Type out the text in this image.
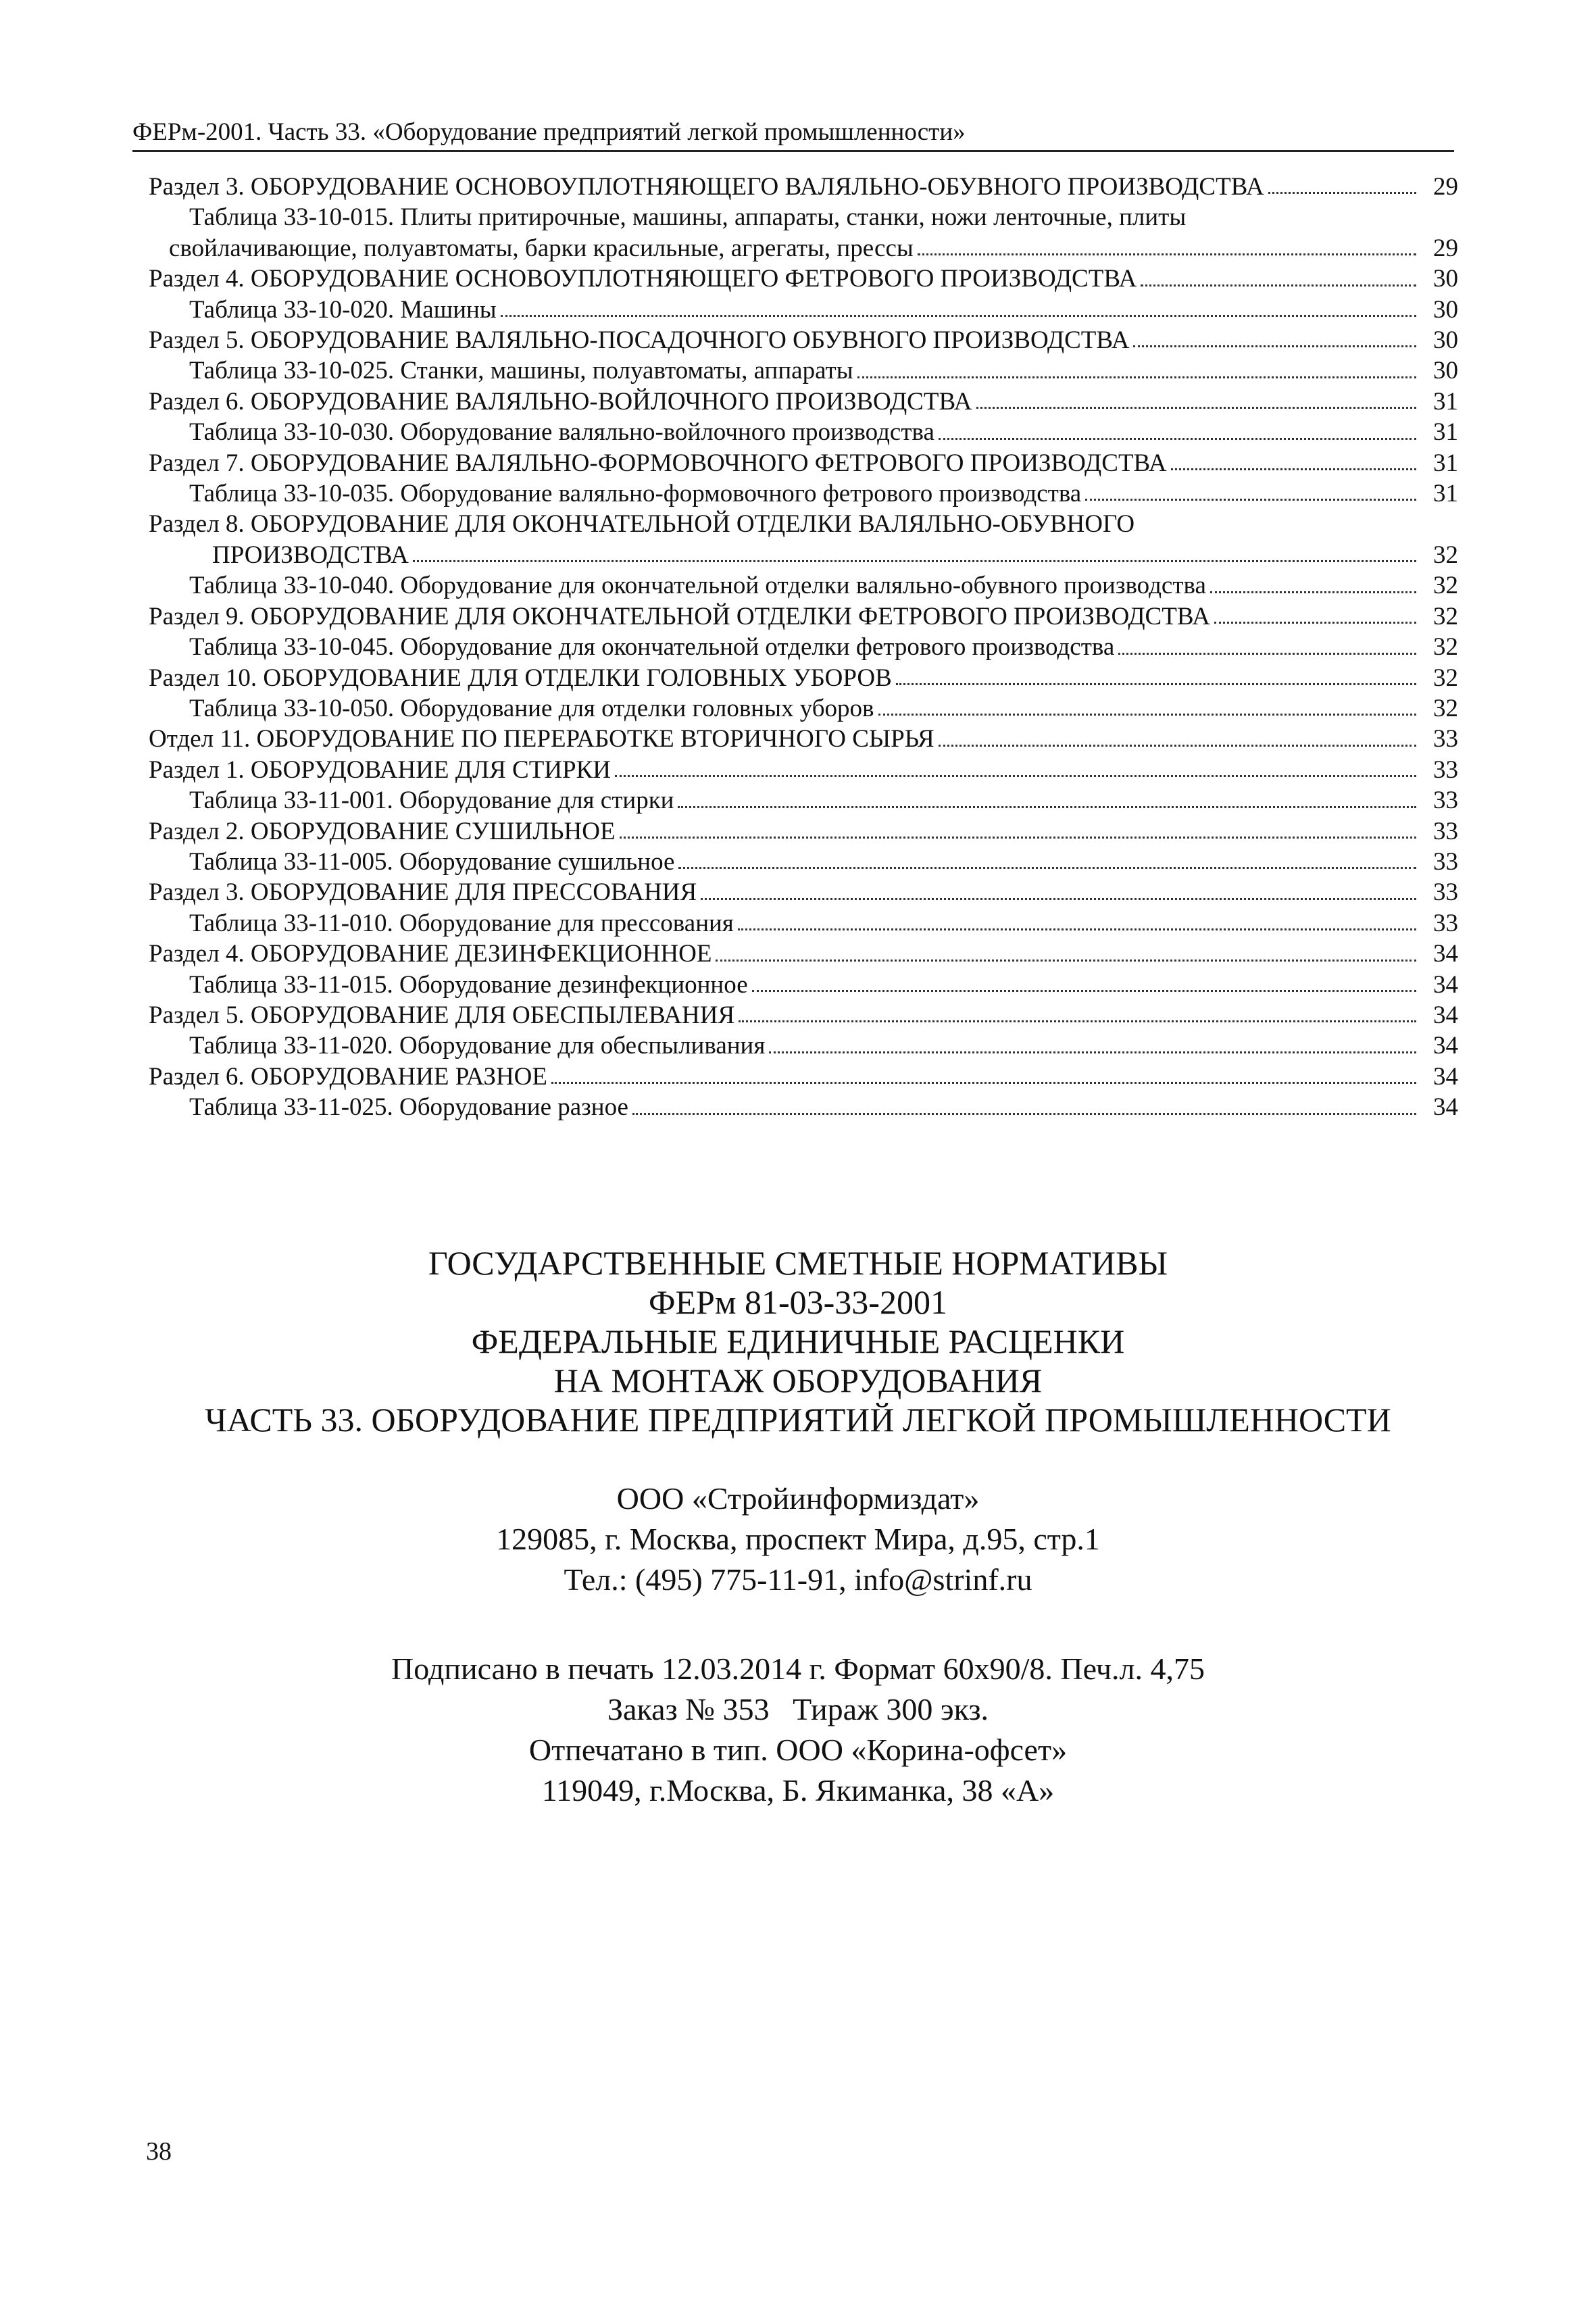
ФЕРм-2001. Часть 33. «Оборудование предприятий легкой промышленности»
Раздел 3. ОБОРУДОВАНИЕ ОСНОВОУПЛОТНЯЮЩЕГО ВАЛЯЛЬНО-ОБУВНОГО ПРОИЗВОДСТВА	29
Таблица 33-10-015. Плиты притирочные, машины, аппараты, станки, ножи ленточные, плиты
свойлачивающие, полуавтоматы, барки красильные, агрегаты, прессы	29
Раздел 4. ОБОРУДОВАНИЕ ОСНОВОУПЛОТНЯЮЩЕГО ФЕТРОВОГО ПРОИЗВОДСТВА	30
Таблица 33-10-020. Машины	30
Раздел 5. ОБОРУДОВАНИЕ ВАЛЯЛЬНО-ПОСАДОЧНОГО ОБУВНОГО ПРОИЗВОДСТВА	30
Таблица 33-10-025. Станки, машины, полуавтоматы, аппараты	30
Раздел 6. ОБОРУДОВАНИЕ ВАЛЯЛЬНО-ВОЙЛОЧНОГО ПРОИЗВОДСТВА	31
Таблица 33-10-030. Оборудование валяльно-войлочного производства	31
Раздел 7. ОБОРУДОВАНИЕ ВАЛЯЛЬНО-ФОРМОВОЧНОГО ФЕТРОВОГО ПРОИЗВОДСТВА	31
Таблица 33-10-035. Оборудование валяльно-формовочного фетрового производства	31
Раздел 8. ОБОРУДОВАНИЕ ДЛЯ ОКОНЧАТЕЛЬНОЙ ОТДЕЛКИ ВАЛЯЛЬНО-ОБУВНОГО
ПРОИЗВОДСТВА	32
Таблица 33-10-040. Оборудование для окончательной отделки валяльно-обувного производства	32
Раздел 9. ОБОРУДОВАНИЕ ДЛЯ ОКОНЧАТЕЛЬНОЙ ОТДЕЛКИ ФЕТРОВОГО ПРОИЗВОДСТВА	32
Таблица 33-10-045. Оборудование для окончательной отделки фетрового производства	32
Раздел 10. ОБОРУДОВАНИЕ ДЛЯ ОТДЕЛКИ ГОЛОВНЫХ УБОРОВ	32
Таблица 33-10-050. Оборудование для отделки головных уборов	32
Отдел 11. ОБОРУДОВАНИЕ ПО ПЕРЕРАБОТКЕ ВТОРИЧНОГО СЫРЬЯ	33
Раздел 1. ОБОРУДОВАНИЕ ДЛЯ СТИРКИ	33
Таблица 33-11-001. Оборудование для стирки	33
Раздел 2. ОБОРУДОВАНИЕ СУШИЛЬНОЕ	33
Таблица 33-11-005. Оборудование сушильное	33
Раздел 3. ОБОРУДОВАНИЕ ДЛЯ ПРЕССОВАНИЯ	33
Таблица 33-11-010. Оборудование для прессования	33
Раздел 4. ОБОРУДОВАНИЕ ДЕЗИНФЕКЦИОННОЕ	34
Таблица 33-11-015. Оборудование дезинфекционное	34
Раздел 5. ОБОРУДОВАНИЕ ДЛЯ ОБЕСПЫЛЕВАНИЯ	34
Таблица 33-11-020. Оборудование для обеспыливания	34
Раздел 6. ОБОРУДОВАНИЕ РАЗНОЕ	34
Таблица 33-11-025. Оборудование разное	34
ГОСУДАРСТВЕННЫЕ СМЕТНЫЕ НОРМАТИВЫ
ФЕРм 81-03-33-2001
ФЕДЕРАЛЬНЫЕ ЕДИНИЧНЫЕ РАСЦЕНКИ
НА МОНТАЖ ОБОРУДОВАНИЯ
ЧАСТЬ 33. ОБОРУДОВАНИЕ ПРЕДПРИЯТИЙ ЛЕГКОЙ ПРОМЫШЛЕННОСТИ
ООО «Стройинформиздат»
129085, г. Москва, проспект Мира, д.95, стр.1
Тел.: (495) 775-11-91, info@strinf.ru
Подписано в печать 12.03.2014 г. Формат 60x90/8. Печ.л. 4,75
Заказ № 353   Тираж 300 экз.
Отпечатано в тип. ООО «Корина-офсет»
119049, г.Москва, Б. Якиманка, 38 «А»
38
